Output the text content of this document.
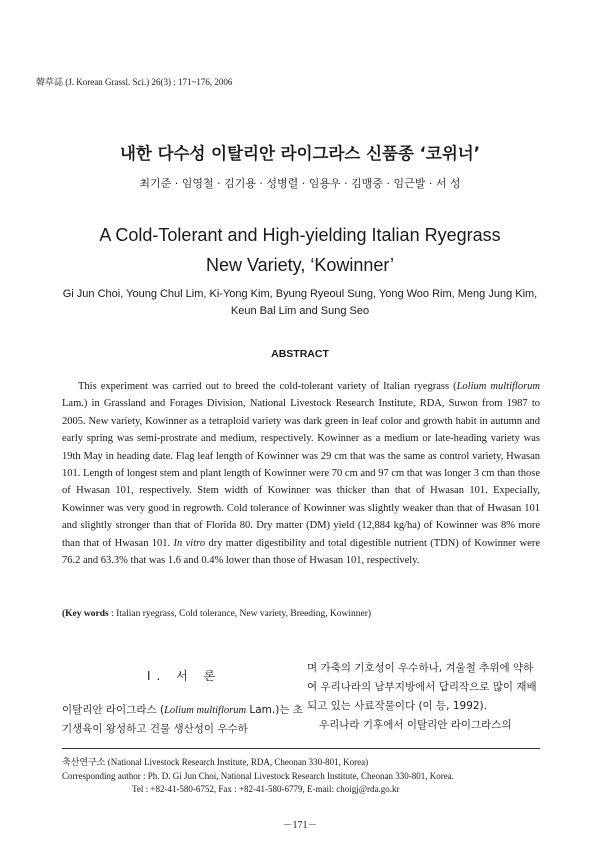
韓草誌 (J. Korean Grassl. Sci.) 26(3) : 171~176, 2006
내한 다수성 이탈리안 라이그라스 신품종 ‘코위너’
최기준 · 임영철 · 김기용 · 성병렬 · 임용우 · 김맹중 · 임근발 · 서 성
A Cold-Tolerant and High-yielding Italian Ryegrass
New Variety, ‘Kowinner’
Gi Jun Choi, Young Chul Lim, Ki-Yong Kim, Byung Ryeoul Sung, Yong Woo Rim, Meng Jung Kim, Keun Bal Lim and Sung Seo
ABSTRACT

This experiment was carried out to breed the cold-tolerant variety of Italian ryegrass (Lolium multiflorum Lam.) in Grassland and Forages Division, National Livestock Research Institute, RDA, Suwon from 1987 to 2005. New variety, Kowinner as a tetraploid variety was dark green in leaf color and growth habit in autumn and early spring was semi-prostrate and medium, respectively. Kowinner as a medium or late-heading variety was 19th May in heading date. Flag leaf length of Kowinner was 29 cm that was the same as control variety, Hwasan 101. Length of longest stem and plant length of Kowinner were 70 cm and 97 cm that was longer 3 cm than those of Hwasan 101, respectively. Stem width of Kowinner was thicker than that of Hwasan 101. Expecially, Kowinner was very good in regrowth. Cold tolerance of Kowinner was slightly weaker than that of Hwasan 101 and slightly stronger than that of Florida 80. Dry matter (DM) yield (12,884 kg/ha) of Kowinner was 8% more than that of Hwasan 101. In vitro dry matter digestibility and total digestible nutrient (TDN) of Kowinner were 76.2 and 63.3% that was 1.6 and 0.4% lower than those of Hwasan 101, respectively.

(Key words : Italian ryegrass, Cold tolerance, New variety, Breeding, Kowinner)
I. 서 론
이탈리안 라이그라스 (Lolium multiflorum Lam.)는 초기생육이 왕성하고 건물 생산성이 우수하
며 가축의 기호성이 우수하나, 겨울철 추위에 약하여 우리나라의 남부지방에서 답리작으로 많이 재배되고 있는 사료작물이다 (이 등, 1992).
우리나라 기후에서 이탈리안 라이그라스의
축산연구소 (National Livestock Research Institute, RDA, Cheonan 330-801, Korea)
Corresponding author : Ph. D. Gi Jun Choi, National Livestock Research Institute, Cheonan 330-801, Korea.
Tel : +82-41-580-6752, Fax : +82-41-580-6779, E-mail: choigj@rda.go.kr
－171－
